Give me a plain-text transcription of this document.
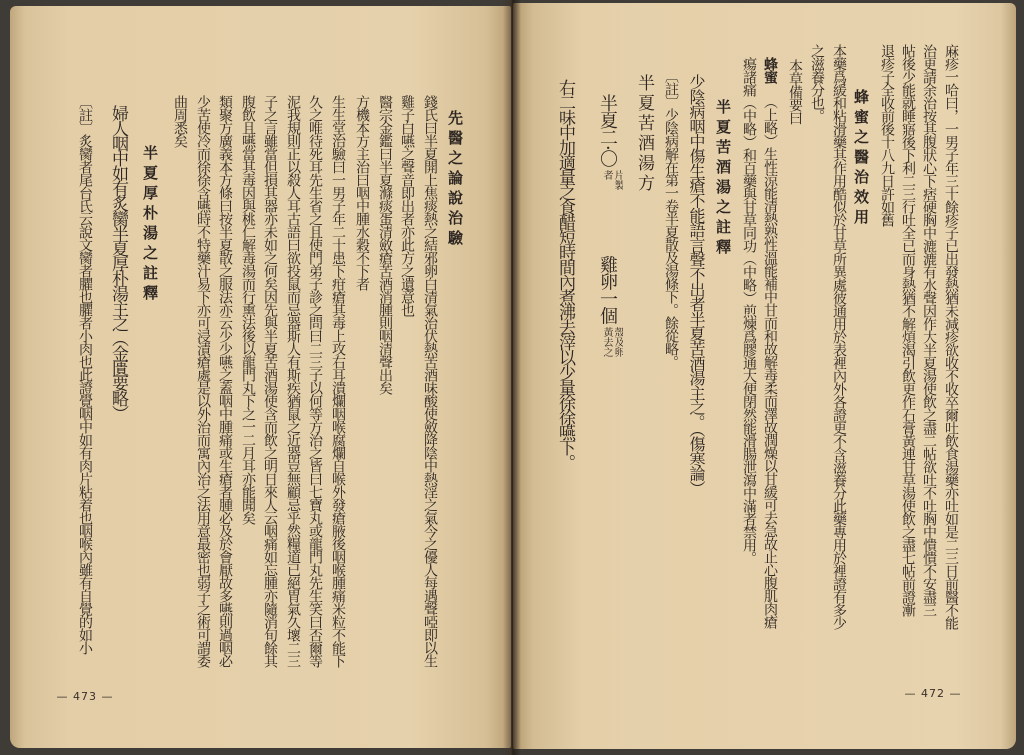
先醫之論說治驗
錢氏曰半夏開上焦痰熱之結邪卵白清氣治伏熱苦酒味酸使斂降陰中熱淫之氣今之優人每遇聲啞即以生
雞子白嚥之聲音即出者亦此方之遺意也
醫宗金鑑曰半夏滌痰蛋清斂瘡苦酒消腫則咽清聲出矣
方機本方主治曰咽中腫水穀不下者
生生堂治驗曰一男子年二十患下疳瘡其毒上攻右耳潰爛咽喉腐爛自喉外發瘡腋後咽喉腫痛米粒不能下
久之唯待死耳先生省之且使門弟子診之問曰二三子以何等方治之皆曰七寶丸或龍門丸先生笑曰否爾等
泥我規則正以殺人耳古語曰欲投鼠而忌器斯人有斯疾猶鼠之近器豈無顧忌乎然糧道已絕胃氣久壞二三
子之言雖當但損其器亦未如之何矣因先與半夏苦酒湯使含而飲之明日來人云咽痛如忘腫亦隨消旬餘其
腹飲且嚥當其毒因與桃仁解毒湯而行熏法後以龍門丸下之一二月耳亦能聞矣
類聚方廣義本方條曰按半夏散之服法亦云少少嚥之蓋咽中腫痛或生瘡者腫必及於會厭故多嚥則過咽必
少苦使冷而徐徐含嚥時不特藥汁易下亦可浸漬瘡處是以外治而寓內治之法用意最密也弱子之術可謂委
曲周悉矣
半夏厚朴湯之註釋
婦人咽中如有炙臠半夏厚朴湯主之（金匱要略）
〔註〕炙臠者尾台氏云說文臠者臞也臞者小肉也此證覺咽中如有肉片粘着也咽喉內雖有自覺的如小
— 473 —
麻疹一哈曰，一男子年三十餘疹子已出發熱猶未減疹欲收不收卒爾吐飲食湯藥亦吐如是二三日前醫不能
治更請余治按其腹狀心下痞硬胸中漉漉有水聲因作大半夏湯使飲之盡二帖欲吐不吐胸中憒憒不安盡三
帖後少能就睡寤後下利二三行吐全已而身熱猶不解煩渴引飲更作石膏黃連甘草湯使飲之盡七帖前證漸
退疹子全收前後十八九日許如舊
蜂蜜之醫治效用
本藥爲緩和粘滑藥其作用酷似於甘草所異處彼通用於表裡內外各證更不含滋養分此藥專用於裡證有多少
之滋養分也。
本草備要曰
蜂蜜（上略）生性涼能清熱熟性溫能補中甘而和故解毒柔而澤故潤燥以甘緩可去急故止心腹肌肉瘡
瘍諸痛（中略）和百藥與甘草同功（中略）煎煉爲膠通大便閉然能滑腸泄瀉中滿者禁用。
半夏苦酒湯之註釋
少陰病咽中傷生瘡不能語言聲不出者半夏苦酒湯主之。（傷寒論）
〔註〕少陰病解在第一卷半夏散及湯條下。餘從略。
半夏苦酒湯方
半夏二·〇
片製
者
雞卵一個
殼及卵
黃去之
右二味中加適量之食醋短時間內煮沸去滓以少量徐徐嚥下。
— 472 —
